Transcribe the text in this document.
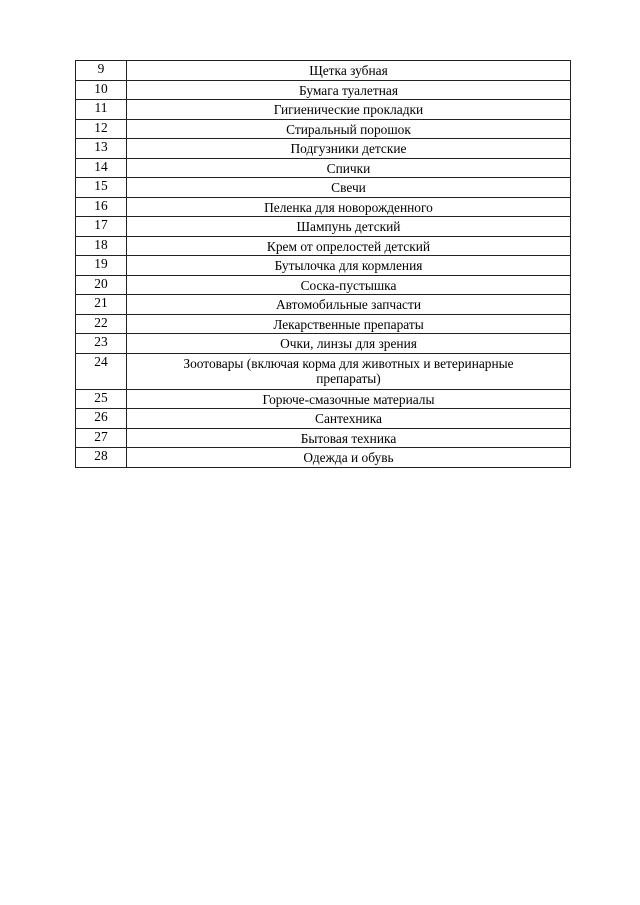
9	Щетка зубная
10	Бумага туалетная
11	Гигиенические прокладки
12	Стиральный порошок
13	Подгузники детские
14	Спички
15	Свечи
16	Пеленка для новорожденного
17	Шампунь детский
18	Крем от опрелостей детский
19	Бутылочка для кормления
20	Соска-пустышка
21	Автомобильные запчасти
22	Лекарственные препараты
23	Очки, линзы для зрения
24	Зоотовары (включая корма для животных и ветеринарные препараты)
25	Горюче-смазочные материалы
26	Сантехника
27	Бытовая техника
28	Одежда и обувь
